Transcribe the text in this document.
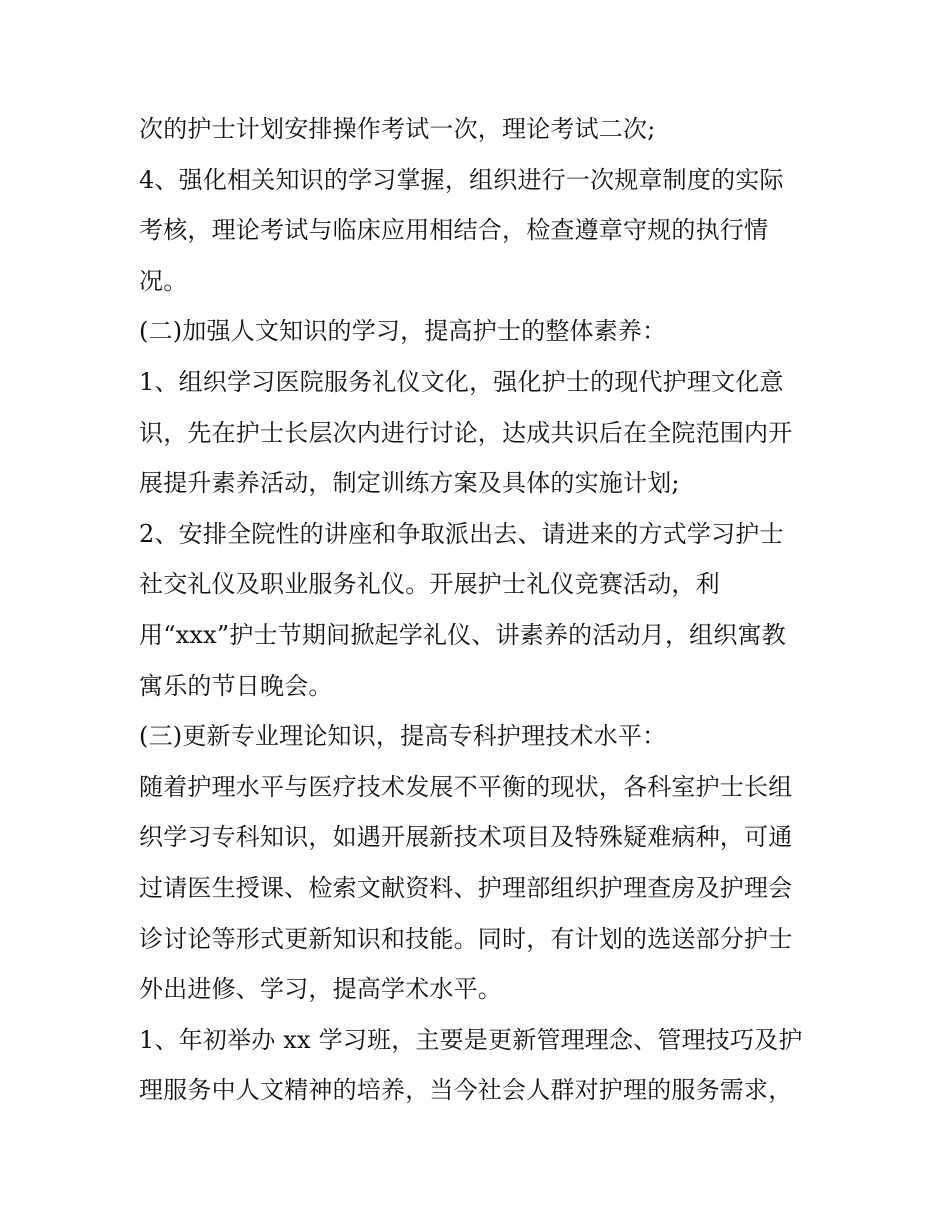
次的护士计划安排操作考试一次，理论考试二次;
4、强化相关知识的学习掌握，组织进行一次规章制度的实际
考核，理论考试与临床应用相结合，检查遵章守规的执行情
况。
(二)加强人文知识的学习，提高护士的整体素养：
1、组织学习医院服务礼仪文化，强化护士的现代护理文化意
识，先在护士长层次内进行讨论，达成共识后在全院范围内开
展提升素养活动，制定训练方案及具体的实施计划;
2、安排全院性的讲座和争取派出去、请进来的方式学习护士
社交礼仪及职业服务礼仪。开展护士礼仪竞赛活动，利
用“xxx”护士节期间掀起学礼仪、讲素养的活动月，组织寓教
寓乐的节日晚会。
(三)更新专业理论知识，提高专科护理技术水平：
随着护理水平与医疗技术发展不平衡的现状，各科室护士长组
织学习专科知识，如遇开展新技术项目及特殊疑难病种，可通
过请医生授课、检索文献资料、护理部组织护理查房及护理会
诊讨论等形式更新知识和技能。同时，有计划的选送部分护士
外出进修、学习，提高学术水平。
1、年初举办 xx 学习班，主要是更新管理理念、管理技巧及护
理服务中人文精神的培养，当今社会人群对护理的服务需求，
